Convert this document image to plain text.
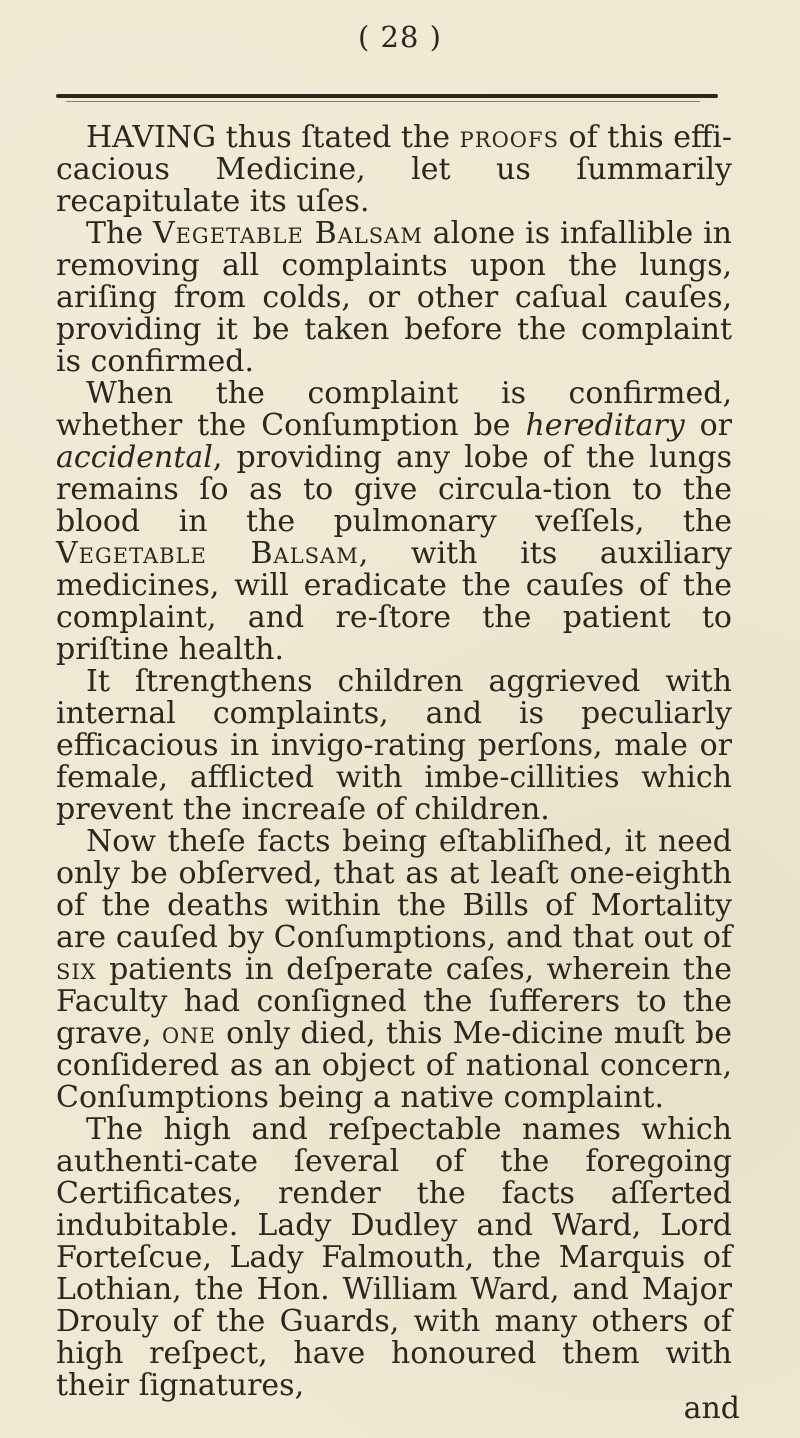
( 28 )

HAVING thus ſtated the proofs of this effi-cacious Medicine, let us ſummarily recapitulate its uſes.

The Vegetable Balsam alone is infallible in removing all complaints upon the lungs, ariſing from colds, or other caſual cauſes, providing it be taken before the complaint is confirmed.

When the complaint is confirmed, whether the Conſumption be hereditary or accidental, providing any lobe of the lungs remains ſo as to give circula-tion to the blood in the pulmonary veſſels, the Vegetable Balsam, with its auxiliary medicines, will eradicate the cauſes of the complaint, and re-ſtore the patient to priſtine health.

It ſtrengthens children aggrieved with internal complaints, and is peculiarly efficacious in invigo-rating perſons, male or female, afflicted with imbe-cillities which prevent the increaſe of children.

Now theſe facts being eſtabliſhed, it need only be obſerved, that as at leaſt one-eighth of the deaths within the Bills of Mortality are cauſed by Conſumptions, and that out of six patients in deſperate caſes, wherein the Faculty had conſigned the ſufferers to the grave, one only died, this Me-dicine muſt be conſidered as an object of national concern, Conſumptions being a native complaint.

The high and reſpectable names which authenti-cate ſeveral of the foregoing Certificates, render the facts aſſerted indubitable. Lady Dudley and Ward, Lord Forteſcue, Lady Falmouth, the Marquis of Lothian, the Hon. William Ward, and Major Drouly of the Guards, with many others of high reſpect, have honoured them with their ſignatures,

and
